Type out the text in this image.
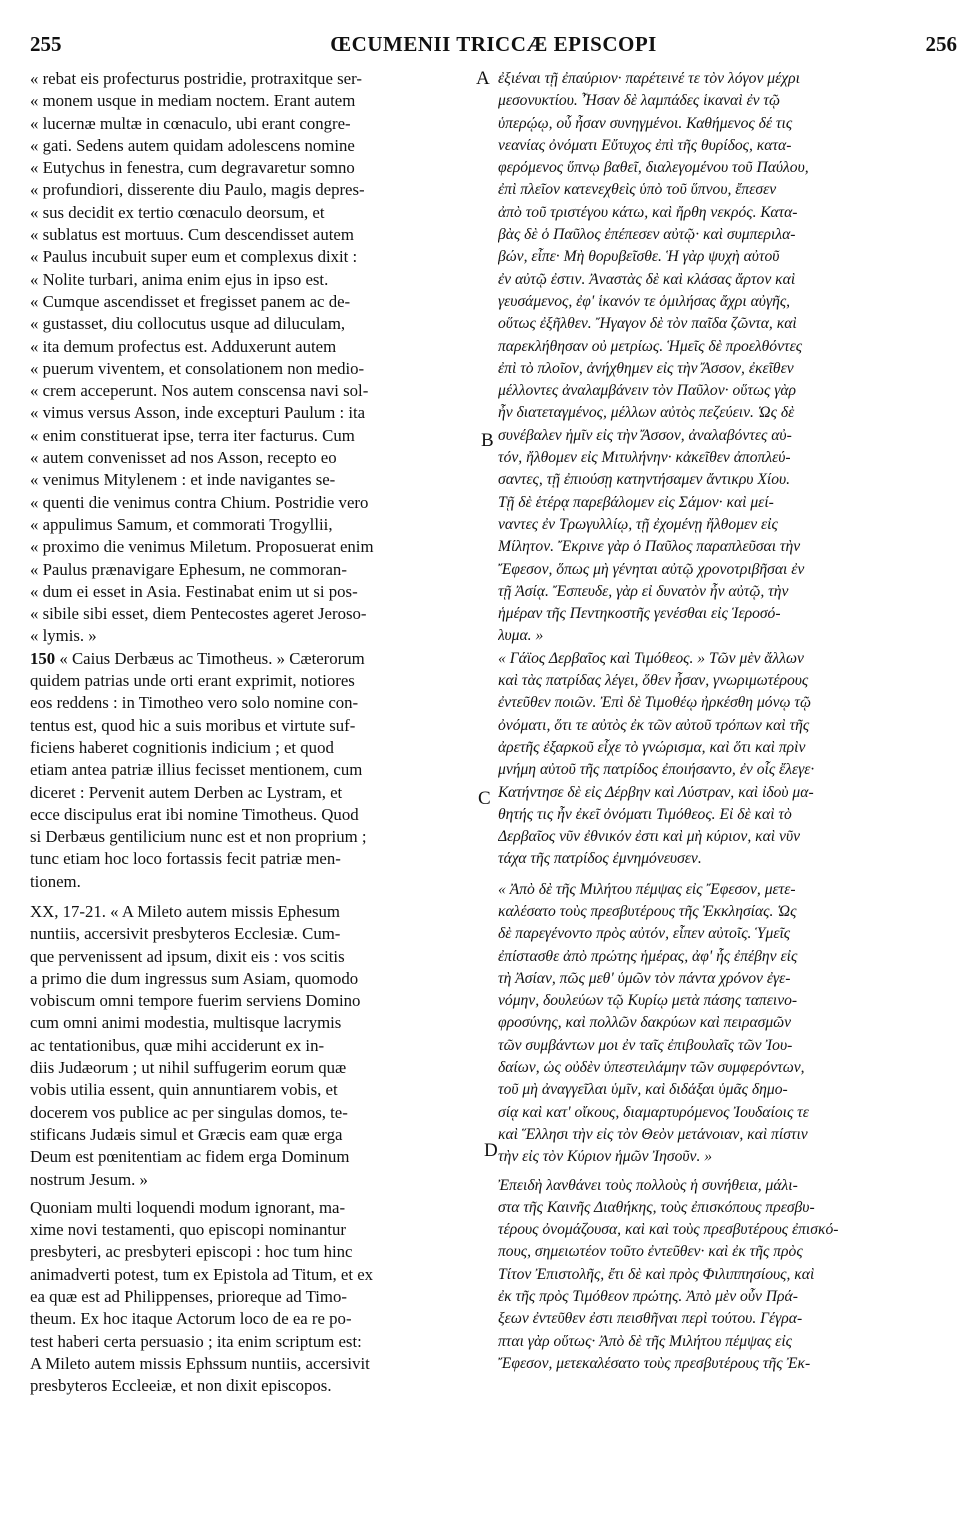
255	ŒCUMENII TRICCÆ EPISCOPI	256
« rebat eis profecturus postridie, protraxitque ser-
« monem usque in mediam noctem. Erant autem
« lucernæ multæ in cœnaculo, ubi erant congre-
« gati. Sedens autem quidam adolescens nomine
« Eutychus in fenestra, cum degravaretur somno
« profundiori, disserente diu Paulo, magis depres-
« sus decidit ex tertio cœnaculo deorsum, et
« sublatus est mortuus. Cum descendisset autem
« Paulus incubuit super eum et complexus dixit :
« Nolite turbari, anima enim ejus in ipso est.
« Cumque ascendisset et fregisset panem ac de-
« gustasset, diu collocutus usque ad diluculam,
« ita demum profectus est. Adduxerunt autem
« puerum viventem, et consolationem non medio-
« crem acceperunt. Nos autem conscensa navi sol-
« vimus versus Asson, inde excepturi Paulum : ita
« enim constituerat ipse, terra iter facturus. Cum
« autem convenisset ad nos Asson, recepto eo
« venimus Mitylenem : et inde navigantes se-
« quenti die venimus contra Chium. Postridie vero
« appulimus Samum, et commorati Trogyllii,
« proximo die venimus Miletum. Proposuerat enim
« Paulus prænavigare Ephesum, ne commoran-
« dum ei esset in Asia. Festinabat enim ut si pos-
« sibile sibi esset, diem Pentecostes ageret Jeroso-
« lymis. »
150 « Caius Derbæus ac Timotheus. » Cæterorum
quidem patrias unde orti erant exprimit, notiores
eos reddens : in Timotheo vero solo nomine con-
tentus est, quod hic a suis moribus et virtute suf-
ficiens haberet cognitionis indicium ; et quod
etiam antea patriæ illius fecisset mentionem, cum
diceret : Pervenit autem Derben ac Lystram, et
ecce discipulus erat ibi nomine Timotheus. Quod
si Derbæus gentilicium nunc est et non proprium ;
tunc etiam hoc loco fortassis fecit patriæ men-
tionem.
XX, 17-21. « A Mileto autem missis Ephesum
nuntiis, accersivit presbyteros Ecclesiæ. Cum-
que pervenissent ad ipsum, dixit eis : vos scitis
a primo die dum ingressus sum Asiam, quomodo
vobiscum omni tempore fuerim serviens Domino
cum omni animi modestia, multisque lacrymis
ac tentationibus, quæ mihi acciderunt ex in-
diis Judæorum ; ut nihil suffugerim eorum quæ
vobis utilia essent, quin annuntiarem vobis, et
docerem vos publice ac per singulas domos, te-
stificans Judæis simul et Græcis eam quæ erga
Deum est pœnitentiam ac fidem erga Dominum
nostrum Jesum. »
Quoniam multi loquendi modum ignorant, ma-
xime novi testamenti, quo episcopi nominantur
presbyteri, ac presbyteri episcopi : hoc tum hinc
animadverti potest, tum ex Epistola ad Titum, et ex
ea quæ est ad Philippenses, prioreque ad Timo-
theum. Ex hoc itaque Actorum loco de ea re po-
test haberi certa persuasio ; ita enim scriptum est:
A Mileto autem missis Ephssum nuntiis, accersivit
presbyteros Eccleeiæ, et non dixit episcopos.
A
B
C
D
ἐξιέναι τῇ ἐπαύριον· παρέτεινέ τε τὸν λόγον μέχρι
μεσονυκτίου. Ἦσαν δὲ λαμπάδες ἱκαναὶ ἐν τῷ
ὑπερῴῳ, οὗ ἦσαν συνηγμένοι. Καθήμενος δέ τις
νεανίας ὀνόματι Εὔτυχος ἐπὶ τῆς θυρίδος, κατα-
φερόμενος ὕπνῳ βαθεῖ, διαλεγομένου τοῦ Παύλου,
ἐπὶ πλεῖον κατενεχθεὶς ὑπὸ τοῦ ὕπνου, ἔπεσεν
ἀπὸ τοῦ τριστέγου κάτω, καὶ ἤρθη νεκρός. Κατα-
βὰς δὲ ὁ Παῦλος ἐπέπεσεν αὐτῷ· καὶ συμπεριλα-
βών, εἶπε· Μὴ θορυβεῖσθε. Ἡ γὰρ ψυχὴ αὐτοῦ
ἐν αὐτῷ ἐστιν. Ἀναστὰς δὲ καὶ κλάσας ἄρτον καὶ
γευσάμενος, ἐφ' ἱκανόν τε ὁμιλήσας ἄχρι αὐγῆς,
οὕτως ἐξῆλθεν. Ἤγαγον δὲ τὸν παῖδα ζῶντα, καὶ
παρεκλήθησαν οὐ μετρίως. Ἡμεῖς δὲ προελθόντες
ἐπὶ τὸ πλοῖον, ἀνήχθημεν εἰς τὴν Ἄσσον, ἐκεῖθεν
μέλλοντες ἀναλαμβάνειν τὸν Παῦλον· οὕτως γὰρ
ἦν διατεταγμένος, μέλλων αὐτὸς πεζεύειν. Ὡς δὲ
συνέβαλεν ἡμῖν εἰς τὴν Ἄσσον, ἀναλαβόντες αὐ-
τόν, ἤλθομεν εἰς Μιτυλήνην· κἀκεῖθεν ἀποπλεύ-
σαντες, τῇ ἐπιούσῃ κατηντήσαμεν ἄντικρυ Χίου.
Τῇ δὲ ἑτέρᾳ παρεβάλομεν εἰς Σάμον· καὶ μεί-
ναντες ἐν Τρωγυλλίῳ, τῇ ἐχομένῃ ἤλθομεν εἰς
Μίλητον. Ἔκρινε γὰρ ὁ Παῦλος παραπλεῦσαι τὴν
Ἔφεσον, ὅπως μὴ γένηται αὐτῷ χρονοτριβῆσαι ἐν
τῇ Ἀσίᾳ. Ἔσπευδε, γὰρ εἰ δυνατὸν ἦν αὐτῷ, τὴν
ἡμέραν τῆς Πεντηκοστῆς γενέσθαι εἰς Ἱεροσό-
λυμα. »
« Γάϊος Δερβαῖος καὶ Τιμόθεος. » Τῶν μὲν ἄλλων
καὶ τὰς πατρίδας λέγει, ὅθεν ἦσαν, γνωριμωτέρους
ἐντεῦθεν ποιῶν. Ἐπὶ δὲ Τιμοθέῳ ἠρκέσθη μόνῳ τῷ
ὀνόματι, ὅτι τε αὐτὸς ἐκ τῶν αὐτοῦ τρόπων καὶ τῆς
ἀρετῆς ἐξαρκοῦ εἶχε τὸ γνώρισμα, καὶ ὅτι καὶ πρὶν
μνήμη αὐτοῦ τῆς πατρίδος ἐποιήσαντο, ἐν οἷς ἔλεγε·
Κατήντησε δὲ εἰς Δέρβην καὶ Λύστραν, καὶ ἰδοὺ μα-
θητής τις ἦν ἐκεῖ ὀνόματι Τιμόθεος. Εἰ δὲ καὶ τὸ
Δερβαῖος νῦν ἐθνικόν ἐστι καὶ μὴ κύριον, καὶ νῦν
τάχα τῆς πατρίδος ἐμνημόνευσεν.
« Ἀπὸ δὲ τῆς Μιλήτου πέμψας εἰς Ἔφεσον, μετε-
καλέσατο τοὺς πρεσβυτέρους τῆς Ἐκκλησίας. Ὡς
δὲ παρεγένοντο πρὸς αὐτόν, εἶπεν αὐτοῖς. Ὑμεῖς
ἐπίστασθε ἀπὸ πρώτης ἡμέρας, ἀφ' ἧς ἐπέβην εἰς
τὴ Ἀσίαν, πῶς μεθ' ὑμῶν τὸν πάντα χρόνον ἐγε-
νόμην, δουλεύων τῷ Κυρίῳ μετὰ πάσης ταπεινο-
φροσύνης, καὶ πολλῶν δακρύων καὶ πειρασμῶν
τῶν συμβάντων μοι ἐν ταῖς ἐπιβουλαῖς τῶν Ἰου-
δαίων, ὡς οὐδὲν ὑπεστειλάμην τῶν συμφερόντων,
τοῦ μὴ ἀναγγεῖλαι ὑμῖν, καὶ διδάξαι ὑμᾶς δημο-
σίᾳ καὶ κατ' οἴκους, διαμαρτυρόμενος Ἰουδαίοις τε
καὶ Ἕλλησι τὴν εἰς τὸν Θεὸν μετάνοιαν, καὶ πίστιν
τὴν εἰς τὸν Κύριον ἡμῶν Ἰησοῦν. »
Ἐπειδὴ λανθάνει τοὺς πολλοὺς ἡ συνήθεια, μάλι-
στα τῆς Καινῆς Διαθήκης, τοὺς ἐπισκόπους πρεσβυ-
τέρους ὀνομάζουσα, καὶ καὶ τοὺς πρεσβυτέρους ἐπισκό-
πους, σημειωτέον τοῦτο ἐντεῦθεν· καὶ ἐκ τῆς πρὸς
Τίτον Ἐπιστολῆς, ἔτι δὲ καὶ πρὸς Φιλιππησίους, καὶ
ἐκ τῆς πρὸς Τιμόθεον πρώτης. Ἀπὸ μὲν οὖν Πρά-
ξεων ἐντεῦθεν ἐστι πεισθῆναι περὶ τούτου. Γέγρα-
πται γὰρ οὕτως· Ἀπὸ δὲ τῆς Μιλήτου πέμψας εἰς
Ἔφεσον, μετεκαλέσατο τοὺς πρεσβυτέρους τῆς Ἐκ-
